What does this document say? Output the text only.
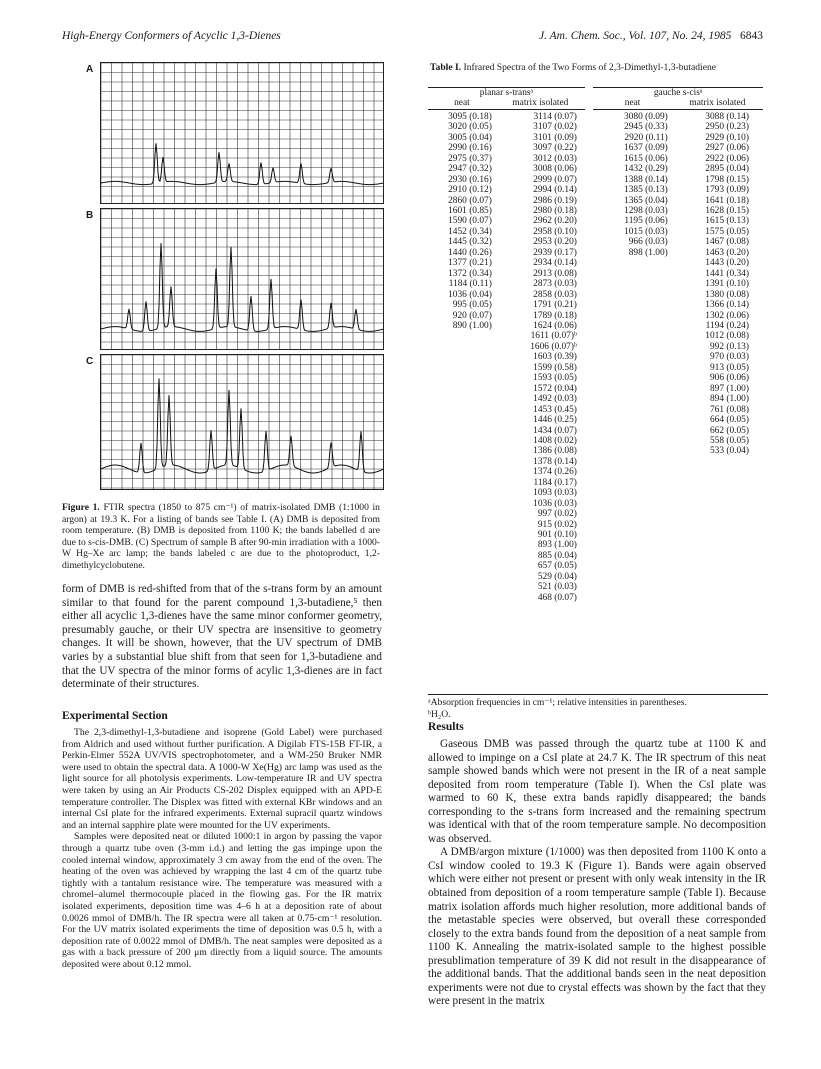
High-Energy Conformers of Acyclic 1,3-Dienes	J. Am. Chem. Soc., Vol. 107, No. 24, 1985 6843
A
B
C
Figure 1. FTIR spectra (1850 to 875 cm⁻¹) of matrix-isolated DMB (1:1000 in argon) at 19.3 K. For a listing of bands see Table I. (A) DMB is deposited from room temperature. (B) DMB is deposited from 1100 K; the bands labelled d are due to s-cis-DMB. (C) Spectrum of sample B after 90-min irradiation with a 1000-W Hg–Xe arc lamp; the bands labeled c are due to the photoproduct, 1,2-dimethylcyclobutene.
form of DMB is red-shifted from that of the s-trans form by an amount similar to that found for the parent compound 1,3-butadiene,⁵ then either all acyclic 1,3-dienes have the same minor conformer geometry, presumably gauche, or their UV spectra are insensitive to geometry changes. It will be shown, however, that the UV spectrum of DMB varies by a substantial blue shift from that seen for 1,3-butadiene and that the UV spectra of the minor forms of acylic 1,3-dienes are in fact determinate of their structures.
Experimental Section

The 2,3-dimethyl-1,3-butadiene and isoprene (Gold Label) were purchased from Aldrich and used without further purification. A Digilab FTS-15B FT-IR, a Perkin-Elmer 552A UV/VIS spectrophotometer, and a WM-250 Bruker NMR were used to obtain the spectral data. A 1000-W Xe(Hg) arc lamp was used as the light source for all photolysis experiments. Low-temperature IR and UV spectra were taken by using an Air Products CS-202 Displex equipped with an APD-E temperature controller. The Displex was fitted with external KBr windows and an internal CsI plate for the infrared experiments. External supracil quartz windows and an internal sapphire plate were mounted for the UV experiments.

Samples were deposited neat or diluted 1000:1 in argon by passing the vapor through a quartz tube oven (3-mm i.d.) and letting the gas impinge upon the cooled internal window, approximately 3 cm away from the end of the oven. The heating of the oven was achieved by wrapping the last 4 cm of the quartz tube tightly with a tantalum resistance wire. The temperature was measured with a chromel–alumel thermocouple placed in the flowing gas. For the IR matrix isolated experiments, deposition time was 4–6 h at a deposition rate of about 0.0026 mmol of DMB/h. The IR spectra were all taken at 0.75-cm⁻¹ resolution. For the UV matrix isolated experiments the time of deposition was 0.5 h, with a deposition rate of 0.0022 mmol of DMB/h. The neat samples were deposited as a gas with a back pressure of 200 μm directly from a liquid source. The amounts deposited were about 0.12 mmol.

Table I. Infrared Spectra of the Two Forms of 2,3-Dimethyl-1,3-butadiene
planar s-transᵃ			gauche s-cisᵃ	
neat	matrix isolated		neat	matrix isolated
3095 (0.18)	3114 (0.07)		3080 (0.09)	3088 (0.14)
3020 (0.05)	3107 (0.02)		2945 (0.33)	2950 (0.23)
3005 (0.04)	3101 (0.09)		2920 (0.11)	2929 (0.10)
2990 (0.16)	3097 (0.22)		1637 (0.09)	2927 (0.06)
2975 (0.37)	3012 (0.03)		1615 (0.06)	2922 (0.06)
2947 (0.32)	3008 (0.06)		1432 (0.29)	2895 (0.04)
2930 (0.16)	2999 (0.07)		1388 (0.14)	1798 (0.15)
2910 (0.12)	2994 (0.14)		1385 (0.13)	1793 (0.09)
2860 (0.07)	2986 (0.19)		1365 (0.04)	1641 (0.18)
1601 (0.85)	2980 (0.18)		1298 (0.03)	1628 (0.15)
1590 (0.07)	2962 (0.20)		1195 (0.06)	1615 (0.13)
1452 (0.34)	2958 (0.10)		1015 (0.03)	1575 (0.05)
1445 (0.32)	2953 (0.20)		966 (0.03)	1467 (0.08)
1440 (0.26)	2939 (0.17)		898 (1.00)	1463 (0.20)
1377 (0.21)	2934 (0.14)			1443 (0.20)
1372 (0.34)	2913 (0.08)			1441 (0.34)
1184 (0.11)	2873 (0.03)			1391 (0.10)
1036 (0.04)	2858 (0.03)			1380 (0.08)
995 (0.05)	1791 (0.21)			1366 (0.14)
920 (0.07)	1789 (0.18)			1302 (0.06)
890 (1.00)	1624 (0.06)			1194 (0.24)
	1611 (0.07)ᵇ			1012 (0.08)
	1606 (0.07)ᵇ			992 (0.13)
	1603 (0.39)			970 (0.03)
	1599 (0.58)			913 (0.05)
	1593 (0.05)			906 (0.06)
	1572 (0.04)			897 (1.00)
	1492 (0.03)			894 (1.00)
	1453 (0.45)			761 (0.08)
	1446 (0.25)			664 (0.05)
	1434 (0.07)			662 (0.05)
	1408 (0.02)			558 (0.05)
	1386 (0.08)			533 (0.04)
	1378 (0.14)			
	1374 (0.26)			
	1184 (0.17)			
	1093 (0.03)			
	1036 (0.03)			
	997 (0.02)			
	915 (0.02)			
	901 (0.10)			
	893 (1.00)			
	885 (0.04)			
	657 (0.05)			
	529 (0.04)			
	521 (0.03)			
	468 (0.07)			
ᵃAbsorption frequencies in cm⁻¹; relative intensities in parentheses.
ᵇH₂O.
Results

Gaseous DMB was passed through the quartz tube at 1100 K and allowed to impinge on a CsI plate at 24.7 K. The IR spectrum of this neat sample showed bands which were not present in the IR of a neat sample deposited from room temperature (Table I). When the CsI plate was warmed to 60 K, these extra bands rapidly disappeared; the bands corresponding to the s-trans form increased and the remaining spectrum was identical with that of the room temperature sample. No decomposition was observed.

A DMB/argon mixture (1/1000) was then deposited from 1100 K onto a CsI window cooled to 19.3 K (Figure 1). Bands were again observed which were either not present or present with only weak intensity in the IR obtained from deposition of a room temperature sample (Table I). Because matrix isolation affords much higher resolution, more additional bands of the metastable species were observed, but overall these corresponded closely to the extra bands found from the deposition of a neat sample from 1100 K. Annealing the matrix-isolated sample to the highest possible presublimation temperature of 39 K did not result in the disappearance of the additional bands. That the additional bands seen in the neat deposition experiments were not due to crystal effects was shown by the fact that they were present in the matrix
